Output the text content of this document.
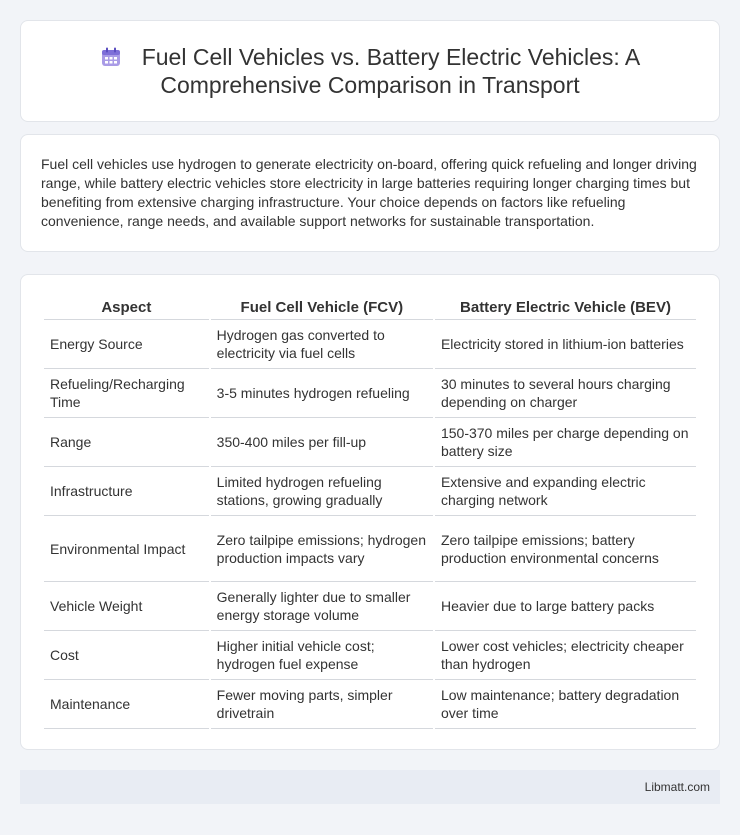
Fuel Cell Vehicles vs. Battery Electric Vehicles: A Comprehensive Comparison in Transport

Fuel cell vehicles use hydrogen to generate electricity on-board, offering quick refueling and longer driving range, while battery electric vehicles store electricity in large batteries requiring longer charging times but benefiting from extensive charging infrastructure. Your choice depends on factors like refueling convenience, range needs, and available support networks for sustainable transportation.

Aspect	Fuel Cell Vehicle (FCV)	Battery Electric Vehicle (BEV)
Energy Source	Hydrogen gas converted to electricity via fuel cells	Electricity stored in lithium-ion batteries
Refueling/Recharging Time	3-5 minutes hydrogen refueling	30 minutes to several hours charging depending on charger
Range	350-400 miles per fill-up	150-370 miles per charge depending on battery size
Infrastructure	Limited hydrogen refueling stations, growing gradually	Extensive and expanding electric charging network
Environmental Impact	Zero tailpipe emissions; hydrogen production impacts vary	Zero tailpipe emissions; battery production environmental concerns
Vehicle Weight	Generally lighter due to smaller energy storage volume	Heavier due to large battery packs
Cost	Higher initial vehicle cost; hydrogen fuel expense	Lower cost vehicles; electricity cheaper than hydrogen
Maintenance	Fewer moving parts, simpler drivetrain	Low maintenance; battery degradation over time
Libmatt.com
